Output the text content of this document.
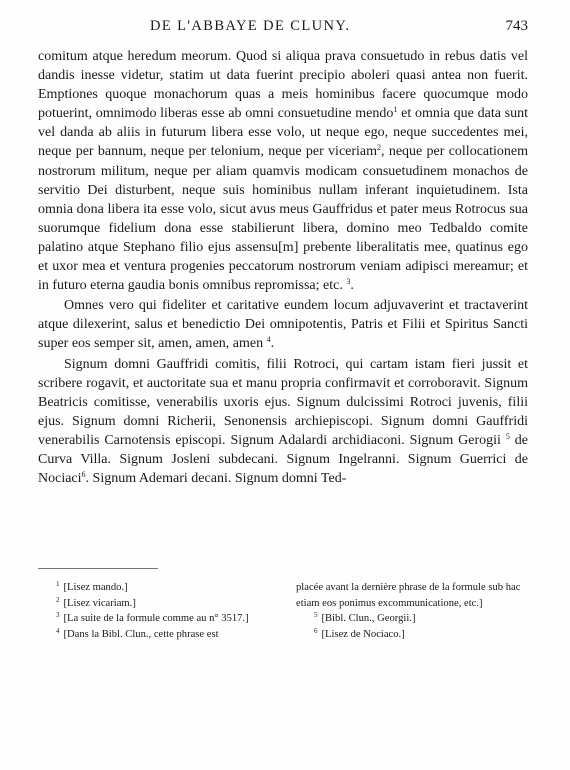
DE L'ABBAYE DE CLUNY.	743

comitum atque heredum meorum. Quod si aliqua prava consuetudo in rebus datis vel dandis inesse videtur, statim ut data fuerint precipio aboleri quasi antea non fuerit. Emptiones quoque monachorum quas a meis hominibus facere quocumque modo potuerint, omnimodo liberas esse ab omni consuetudine mendo$^1$ et omnia que data sunt vel danda ab aliis in futurum libera esse volo, ut neque ego, neque succedentes mei, neque per bannum, neque per telonium, neque per viceriam$^2$, neque per collocationem nostrorum militum, neque per aliam quamvis modicam consuetudinem monachos de servitio Dei disturbent, neque suis hominibus nullam inferant inquietudinem. Ista omnia dona libera ita esse volo, sicut avus meus Gauffridus et pater meus Rotrocus sua suorumque fidelium dona esse stabilierunt libera, domino meo Tedbaldo comite palatino atque Stephano filio ejus assensu[m] prebente liberalitatis mee, quatinus ego et uxor mea et ventura progenies peccatorum nostrorum veniam adipisci mereamur; et in futuro eterna gaudia bonis omnibus repromissa; etc. $^3$.

Omnes vero qui fideliter et caritative eundem locum adjuvaverint et tractaverint atque dilexerint, salus et benedictio Dei omnipotentis, Patris et Filii et Spiritus Sancti super eos semper sit, amen, amen, amen $^4$.

Signum domni Gauffridi comitis, filii Rotroci, qui cartam istam fieri jussit et scribere rogavit, et auctoritate sua et manu propria confirmavit et corroboravit. Signum Beatricis comitisse, venerabilis uxoris ejus. Signum dulcissimi Rotroci juvenis, filii ejus. Signum domni Richerii, Senonensis archiepiscopi. Signum domni Gauffridi venerabilis Carnotensis episcopi. Signum Adalardi archidiaconi. Signum Gerogii $^5$ de Curva Villa. Signum Josleni subdecani. Signum Ingelranni. Signum Guerrici de Nociaci$^6$. Signum Ademari decani. Signum domni Ted-

$^1$ [Lisez mando.]

$^2$ [Lisez vicariam.]

$^3$ [La suite de la formule comme au n° 3517.]

$^4$ [Dans la Bibl. Clun., cette phrase est

placée avant la dernière phrase de la formule sub hac etiam eos ponimus excommunicatione, etc.]

$^5$ [Bibl. Clun., Georgii.]

$^6$ [Lisez de Nociaco.]
